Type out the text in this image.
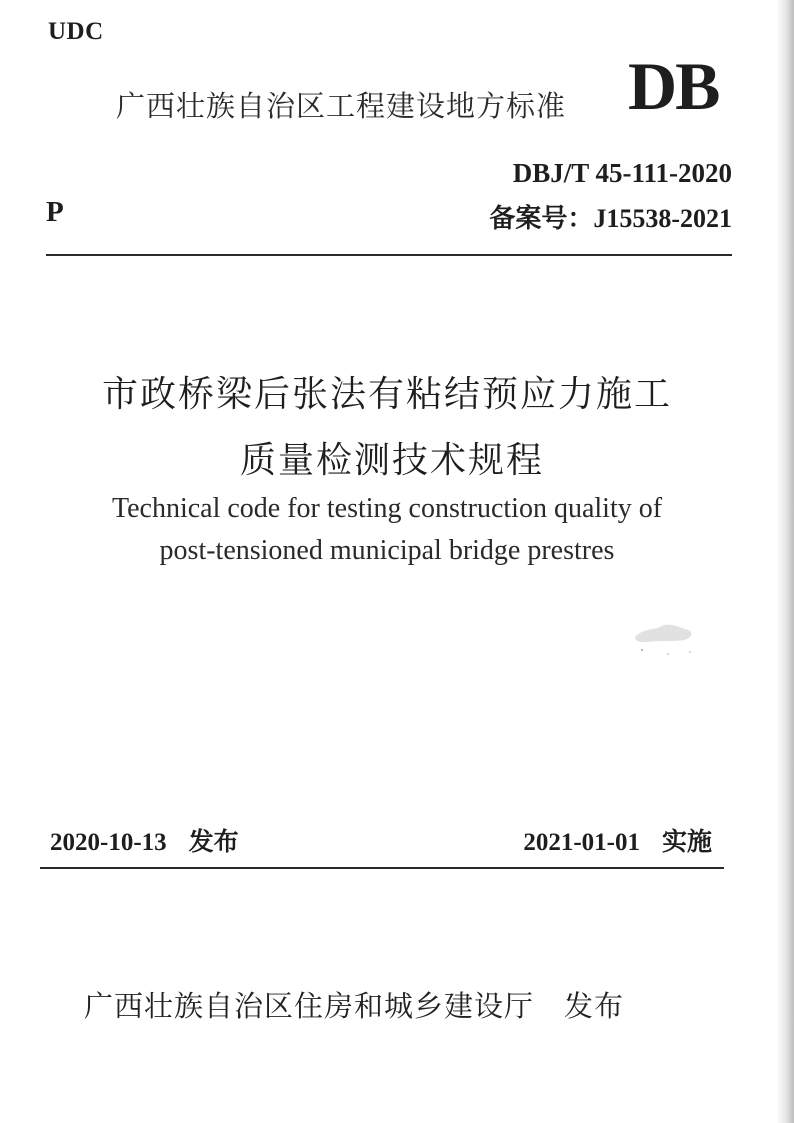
UDC
广西壮族自治区工程建设地方标准 DB
P
DBJ/T 45-111-2020
备案号：J15538-2021
市政桥梁后张法有粘结预应力施工
质量检测技术规程
Technical code for testing construction quality of
post-tensioned municipal bridge prestres
2020-10-13 发布	2021-01-01 实施
广西壮族自治区住房和城乡建设厅 发布
